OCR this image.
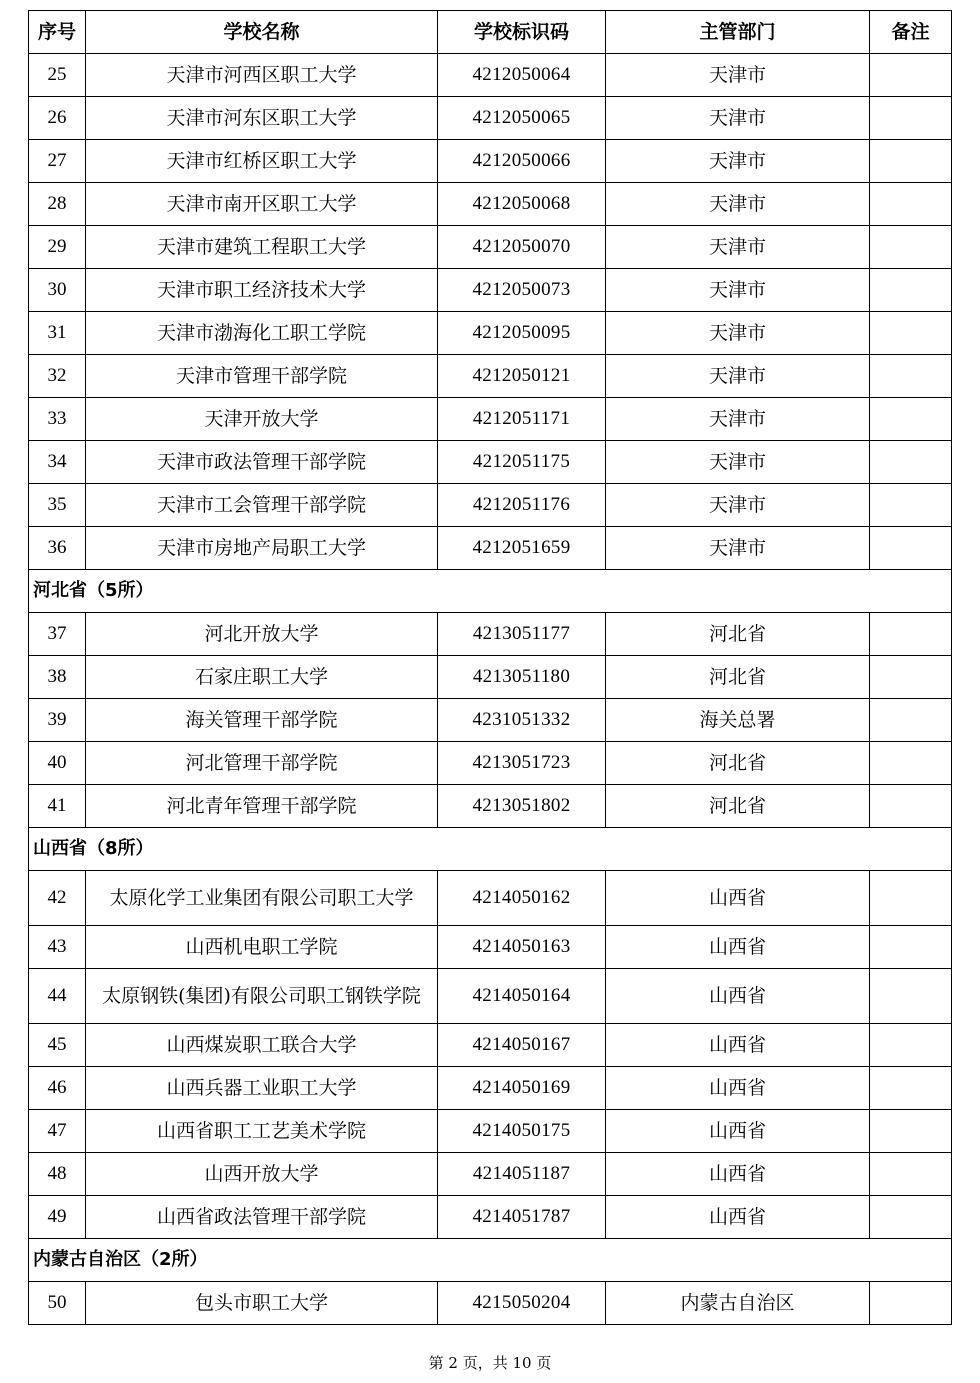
序号	学校名称	学校标识码	主管部门	备注
25	天津市河西区职工大学	4212050064	天津市	
26	天津市河东区职工大学	4212050065	天津市	
27	天津市红桥区职工大学	4212050066	天津市	
28	天津市南开区职工大学	4212050068	天津市	
29	天津市建筑工程职工大学	4212050070	天津市	
30	天津市职工经济技术大学	4212050073	天津市	
31	天津市渤海化工职工学院	4212050095	天津市	
32	天津市管理干部学院	4212050121	天津市	
33	天津开放大学	4212051171	天津市	
34	天津市政法管理干部学院	4212051175	天津市	
35	天津市工会管理干部学院	4212051176	天津市	
36	天津市房地产局职工大学	4212051659	天津市	
河北省（5所）				
37	河北开放大学	4213051177	河北省	
38	石家庄职工大学	4213051180	河北省	
39	海关管理干部学院	4231051332	海关总署	
40	河北管理干部学院	4213051723	河北省	
41	河北青年管理干部学院	4213051802	河北省	
山西省（8所）				
42	太原化学工业集团有限公司职工大学	4214050162	山西省	
43	山西机电职工学院	4214050163	山西省	
44	太原钢铁(集团)有限公司职工钢铁学院	4214050164	山西省	
45	山西煤炭职工联合大学	4214050167	山西省	
46	山西兵器工业职工大学	4214050169	山西省	
47	山西省职工工艺美术学院	4214050175	山西省	
48	山西开放大学	4214051187	山西省	
49	山西省政法管理干部学院	4214051787	山西省	
内蒙古自治区（2所）				
50	包头市职工大学	4215050204	内蒙古自治区	
第 2 页，共 10 页
